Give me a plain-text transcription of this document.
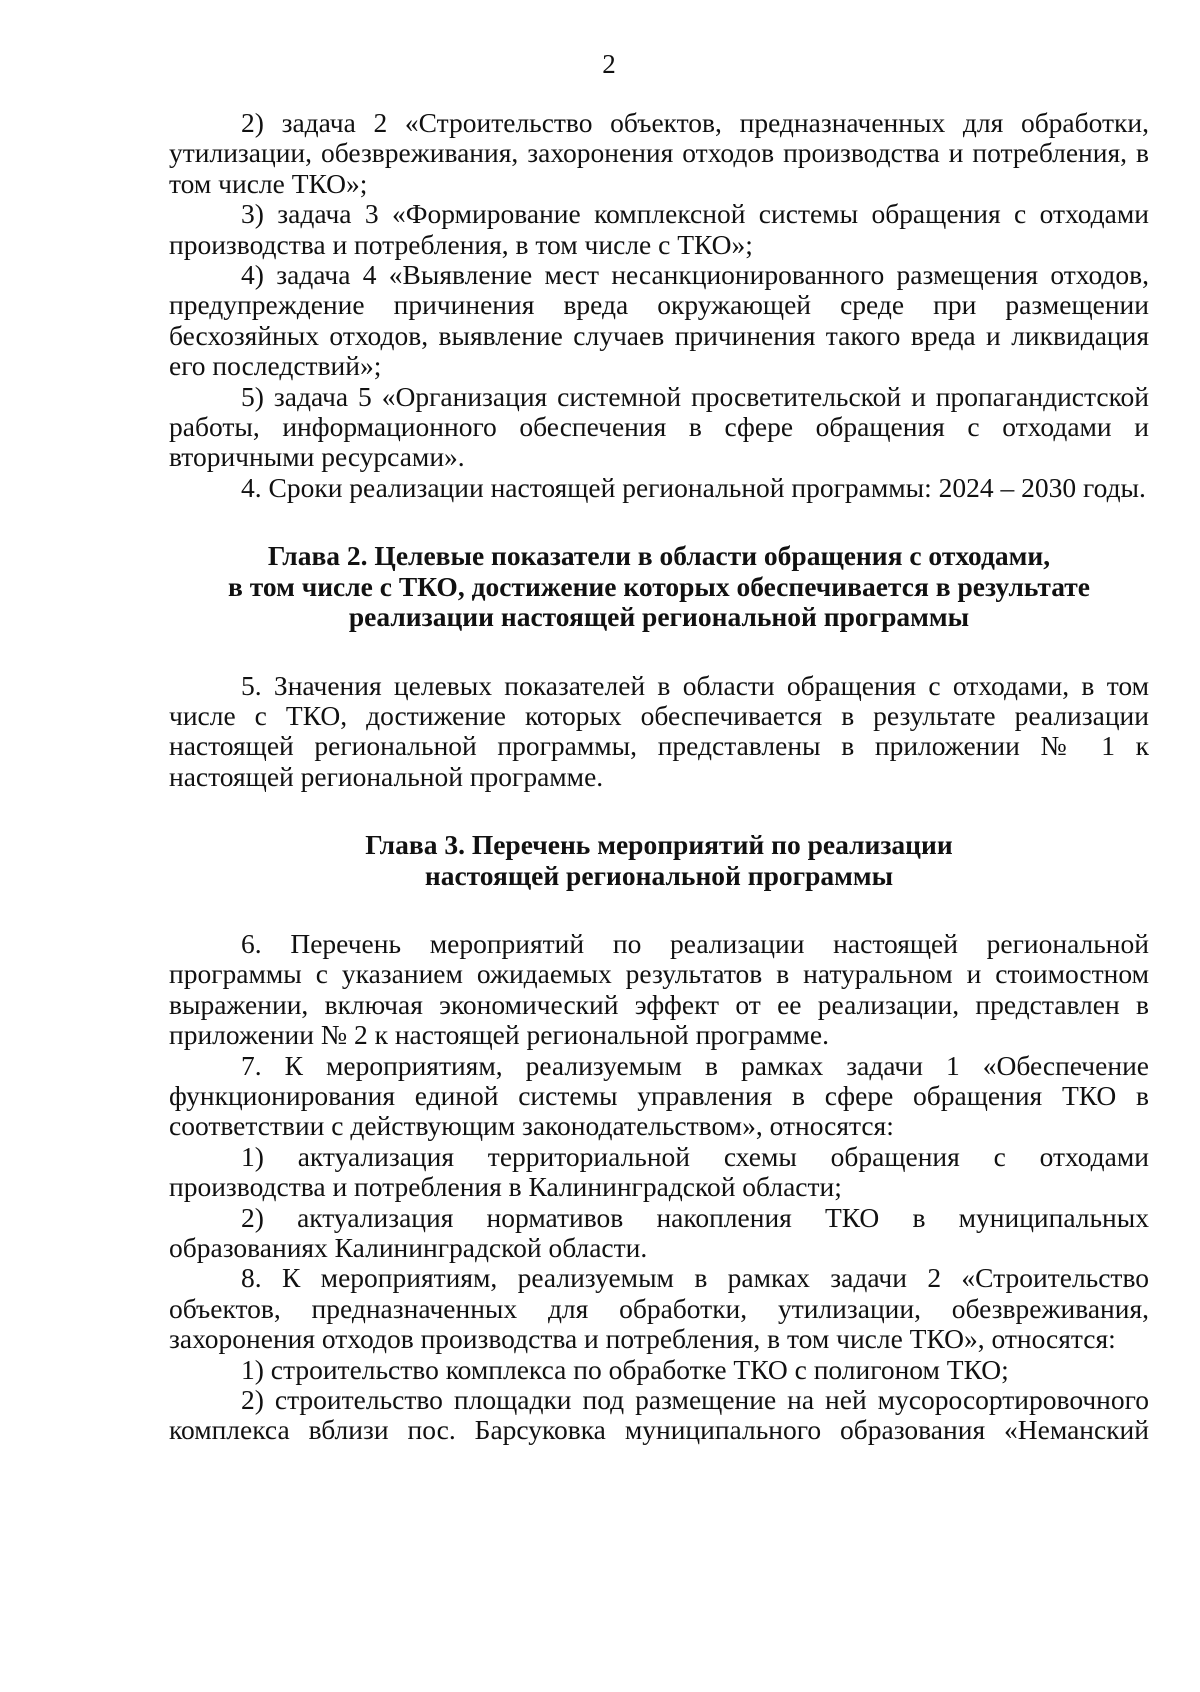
2

2) задача 2 «Строительство объектов, предназначенных для обработки, утилизации, обезвреживания, захоронения отходов производства и потребления, в том числе ТКО»;

3) задача 3 «Формирование комплексной системы обращения с отходами производства и потребления, в том числе с ТКО»;

4) задача 4 «Выявление мест несанкционированного размещения отходов, предупреждение причинения вреда окружающей среде при размещении бесхозяйных отходов, выявление случаев причинения такого вреда и ликвидация его последствий»;

5) задача 5 «Организация системной просветительской и пропагандистской работы, информационного обеспечения в сфере обращения с отходами и вторичными ресурсами».

4. Сроки реализации настоящей региональной программы: 2024 – 2030 годы.

Глава 2. Целевые показатели в области обращения с отходами,

в том числе с ТКО, достижение которых обеспечивается в результате

реализации настоящей региональной программы

5. Значения целевых показателей в области обращения с отходами, в том числе с ТКО, достижение которых обеспечивается в результате реализации настоящей региональной программы, представлены в приложении № 1 к настоящей региональной программе.

Глава 3. Перечень мероприятий по реализации

настоящей региональной программы

6. Перечень мероприятий по реализации настоящей региональной программы с указанием ожидаемых результатов в натуральном и стоимостном выражении, включая экономический эффект от ее реализации, представлен в приложении № 2 к настоящей региональной программе.

7. К мероприятиям, реализуемым в рамках задачи 1 «Обеспечение функционирования единой системы управления в сфере обращения ТКО в соответствии с действующим законодательством», относятся:

1) актуализация территориальной схемы обращения с отходами производства и потребления в Калининградской области;

2) актуализация нормативов накопления ТКО в муниципальных образованиях Калининградской области.

8. К мероприятиям, реализуемым в рамках задачи 2 «Строительство объектов, предназначенных для обработки, утилизации, обезвреживания, захоронения отходов производства и потребления, в том числе ТКО», относятся:

1) строительство комплекса по обработке ТКО с полигоном ТКО;

2) строительство площадки под размещение на ней мусоросортировочного

комплекса вблизи пос. Барсуковка муниципального образования «Неманский
